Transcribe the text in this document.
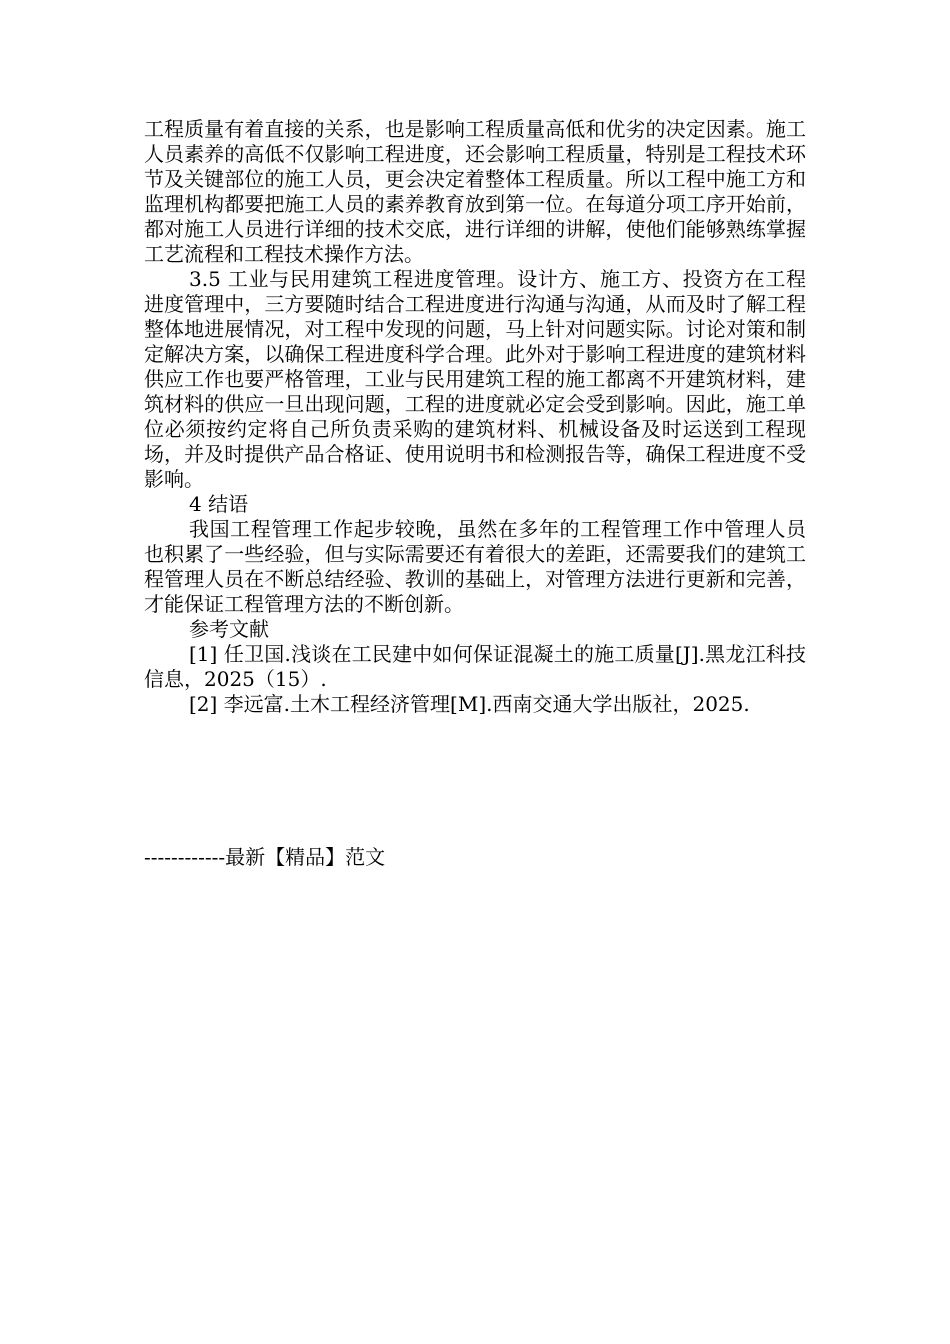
工程质量有着直接的关系，也是影响工程质量高低和优劣的决定因素。施工人员素养的高低不仅影响工程进度，还会影响工程质量，特别是工程技术环节及关键部位的施工人员，更会决定着整体工程质量。所以工程中施工方和监理机构都要把施工人员的素养教育放到第一位。在每道分项工序开始前，都对施工人员进行详细的技术交底，进行详细的讲解，使他们能够熟练掌握工艺流程和工程技术操作方法。

3.5 工业与民用建筑工程进度管理。设计方、施工方、投资方在工程进度管理中，三方要随时结合工程进度进行沟通与沟通，从而及时了解工程整体地进展情况，对工程中发现的问题，马上针对问题实际。讨论对策和制定解决方案，以确保工程进度科学合理。此外对于影响工程进度的建筑材料供应工作也要严格管理，工业与民用建筑工程的施工都离不开建筑材料，建筑材料的供应一旦出现问题，工程的进度就必定会受到影响。因此，施工单位必须按约定将自己所负责采购的建筑材料、机械设备及时运送到工程现场，并及时提供产品合格证、使用说明书和检测报告等，确保工程进度不受影响。

4 结语

我国工程管理工作起步较晚，虽然在多年的工程管理工作中管理人员也积累了一些经验，但与实际需要还有着很大的差距，还需要我们的建筑工程管理人员在不断总结经验、教训的基础上，对管理方法进行更新和完善，才能保证工程管理方法的不断创新。

参考文献

[1] 任卫国.浅谈在工民建中如何保证混凝土的施工质量[J].黑龙江科技信息，2025（15）.

[2] 李远富.土木工程经济管理[M].西南交通大学出版社，2025.

------------最新【精品】范文
